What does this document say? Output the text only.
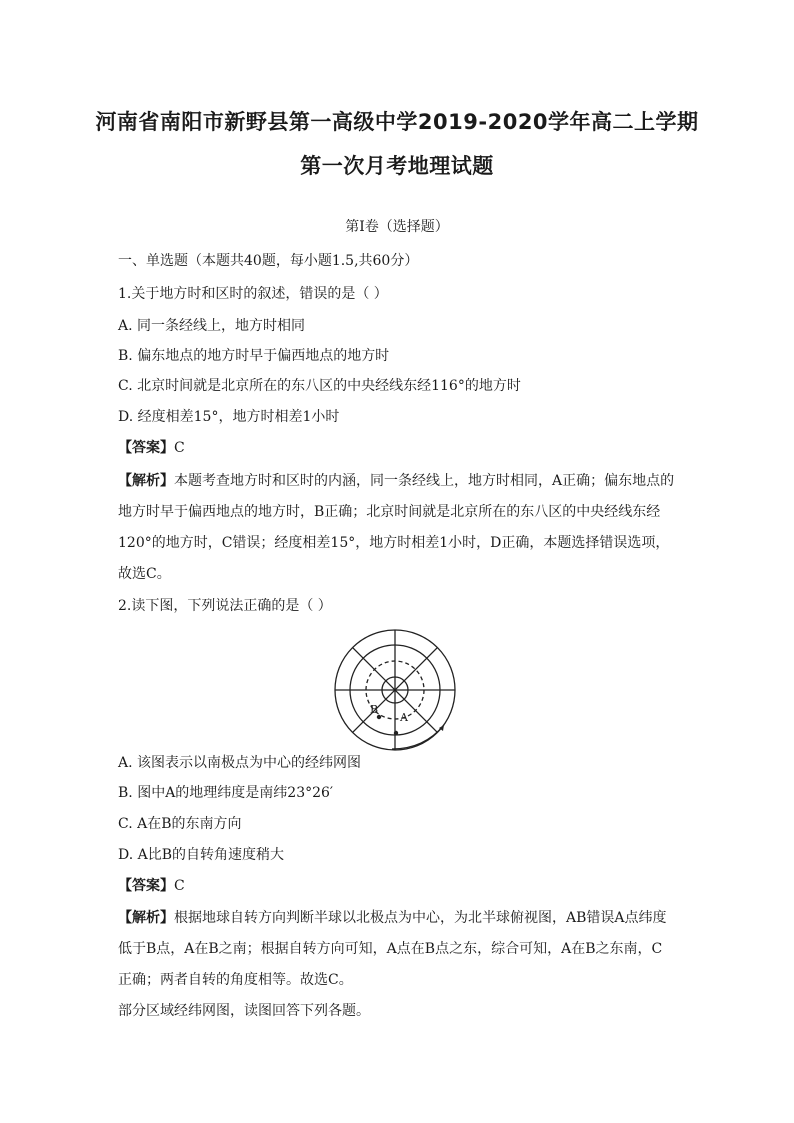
河南省南阳市新野县第一高级中学2019-2020学年高二上学期
第一次月考地理试题
第Ⅰ卷（选择题）
一、单选题（本题共40题，每小题1.5,共60分）
1.关于地方时和区时的叙述，错误的是（ ）
A. 同一条经线上，地方时相同
B. 偏东地点的地方时早于偏西地点的地方时
C. 北京时间就是北京所在的东八区的中央经线东经116°的地方时
D. 经度相差15°，地方时相差1小时
【答案】C
【解析】本题考查地方时和区时的内涵，同一条经线上，地方时相同，A正确；偏东地点的
地方时早于偏西地点的地方时，B正确；北京时间就是北京所在的东八区的中央经线东经
120°的地方时，C错误；经度相差15°，地方时相差1小时，D正确，本题选择错误选项，
故选C。
2.读下图，下列说法正确的是（ ）
B
A
A. 该图表示以南极点为中心的经纬网图
B. 图中A的地理纬度是南纬23°26′
C. A在B的东南方向
D. A比B的自转角速度稍大
【答案】C
【解析】根据地球自转方向判断半球以北极点为中心，为北半球俯视图，AB错误A点纬度
低于B点，A在B之南；根据自转方向可知，A点在B点之东，综合可知，A在B之东南，C
正确；两者自转的角度相等。故选C。
部分区域经纬网图，读图回答下列各题。
